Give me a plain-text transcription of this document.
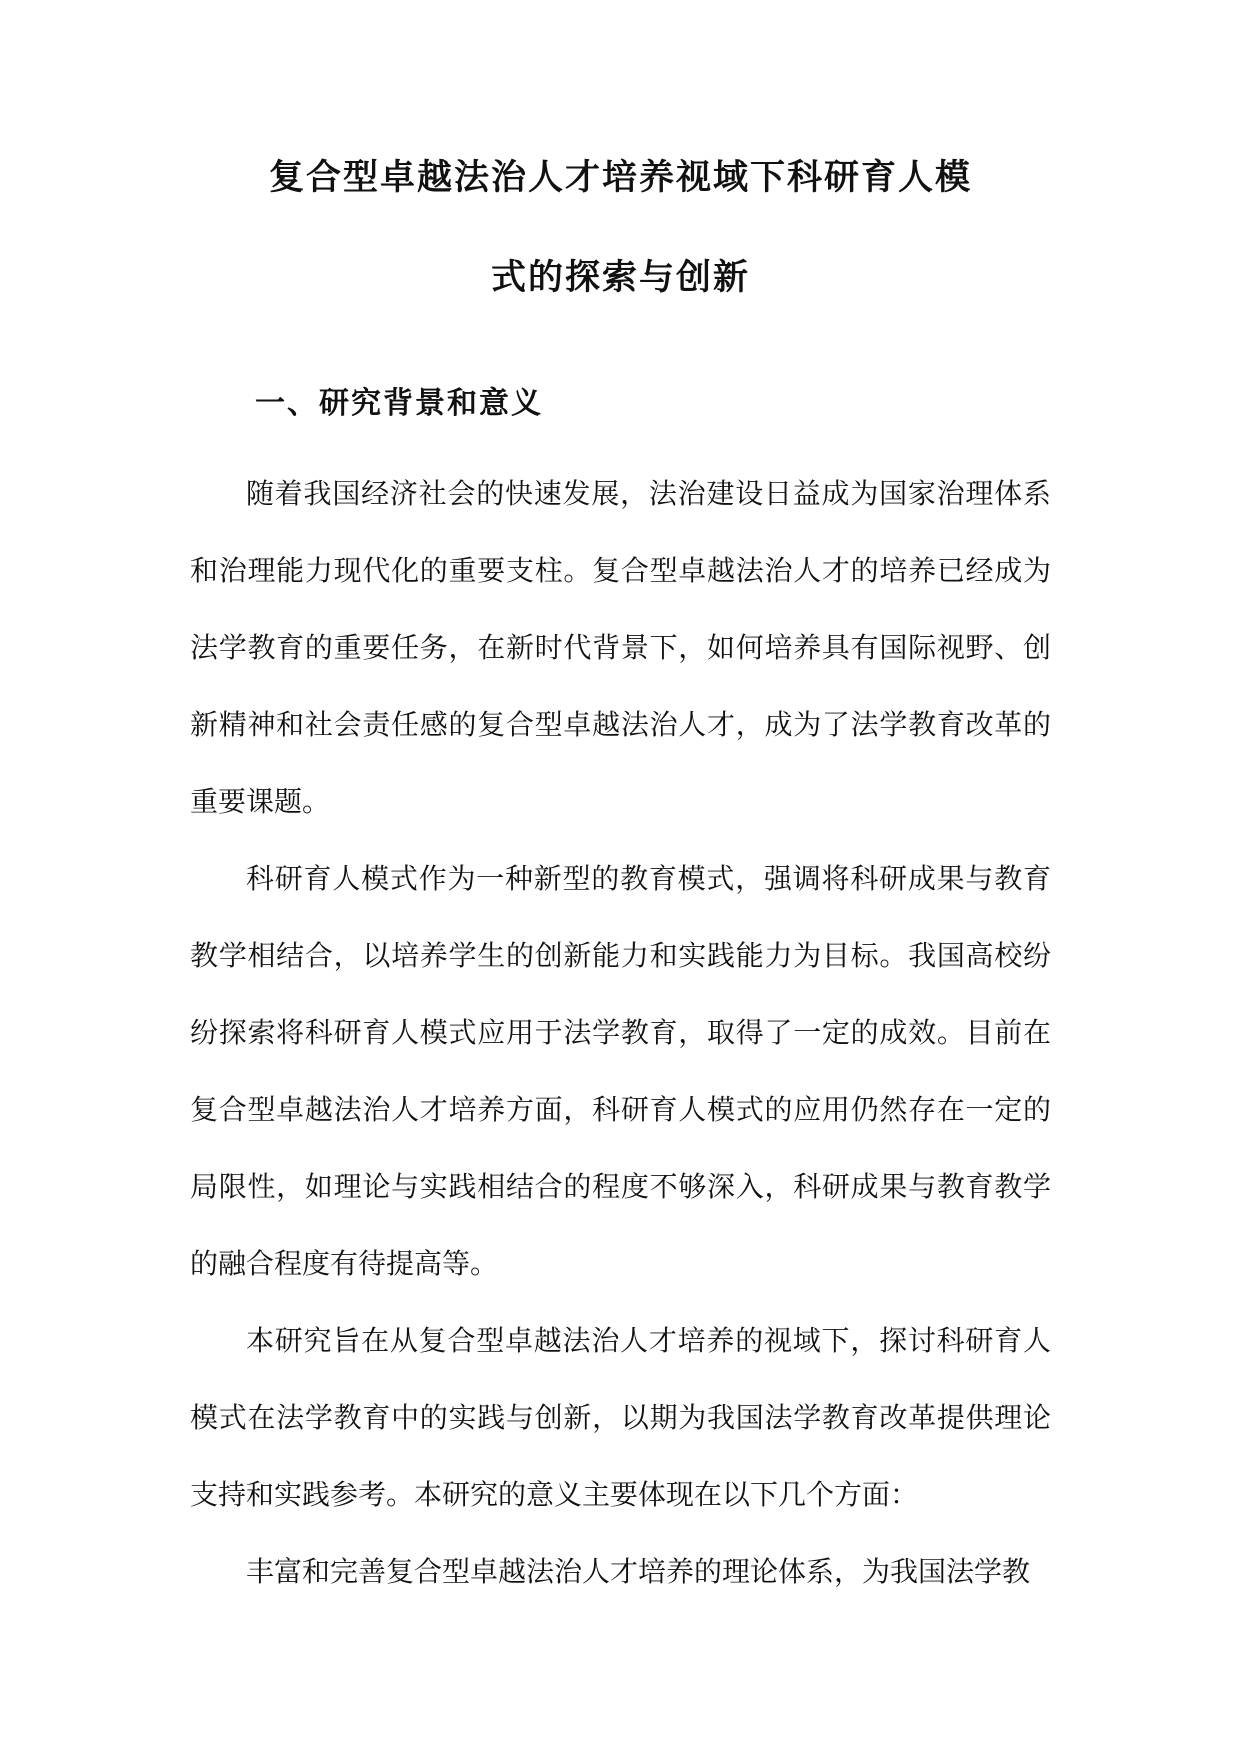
复合型卓越法治人才培养视域下科研育人模
式的探索与创新
一、研究背景和意义

随着我国经济社会的快速发展，法治建设日益成为国家治理体系和治理能力现代化的重要支柱。复合型卓越法治人才的培养已经成为法学教育的重要任务，在新时代背景下，如何培养具有国际视野、创新精神和社会责任感的复合型卓越法治人才，成为了法学教育改革的重要课题。

科研育人模式作为一种新型的教育模式，强调将科研成果与教育教学相结合，以培养学生的创新能力和实践能力为目标。我国高校纷纷探索将科研育人模式应用于法学教育，取得了一定的成效。目前在复合型卓越法治人才培养方面，科研育人模式的应用仍然存在一定的局限性，如理论与实践相结合的程度不够深入，科研成果与教育教学的融合程度有待提高等。

本研究旨在从复合型卓越法治人才培养的视域下，探讨科研育人模式在法学教育中的实践与创新，以期为我国法学教育改革提供理论支持和实践参考。本研究的意义主要体现在以下几个方面：

丰富和完善复合型卓越法治人才培养的理论体系，为我国法学教
